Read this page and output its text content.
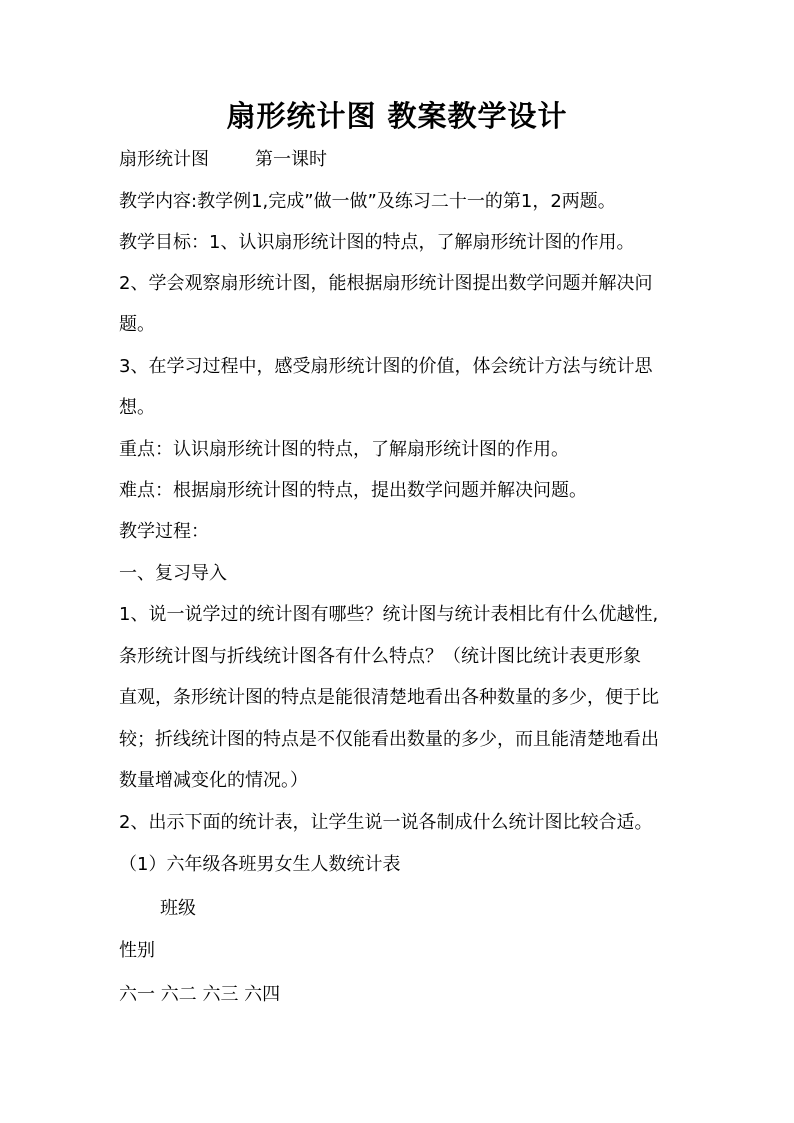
扇形统计图 教案教学设计
扇形统计图	第一课时
教学内容:教学例1,完成”做一做”及练习二十一的第1，2两题。
教学目标：1、认识扇形统计图的特点，了解扇形统计图的作用。
2、学会观察扇形统计图，能根据扇形统计图提出数学问题并解决问
题。
3、在学习过程中，感受扇形统计图的价值，体会统计方法与统计思
想。
重点：认识扇形统计图的特点，了解扇形统计图的作用。
难点：根据扇形统计图的特点，提出数学问题并解决问题。
教学过程：
一、复习导入
1、说一说学过的统计图有哪些？统计图与统计表相比有什么优越性,
条形统计图与折线统计图各有什么特点？（统计图比统计表更形象
直观，条形统计图的特点是能很清楚地看出各种数量的多少，便于比
较；折线统计图的特点是不仅能看出数量的多少，而且能清楚地看出
数量增减变化的情况。）
2、出示下面的统计表，让学生说一说各制成什么统计图比较合适。
（1）六年级各班男女生人数统计表
班级
性别
六一 六二 六三 六四
